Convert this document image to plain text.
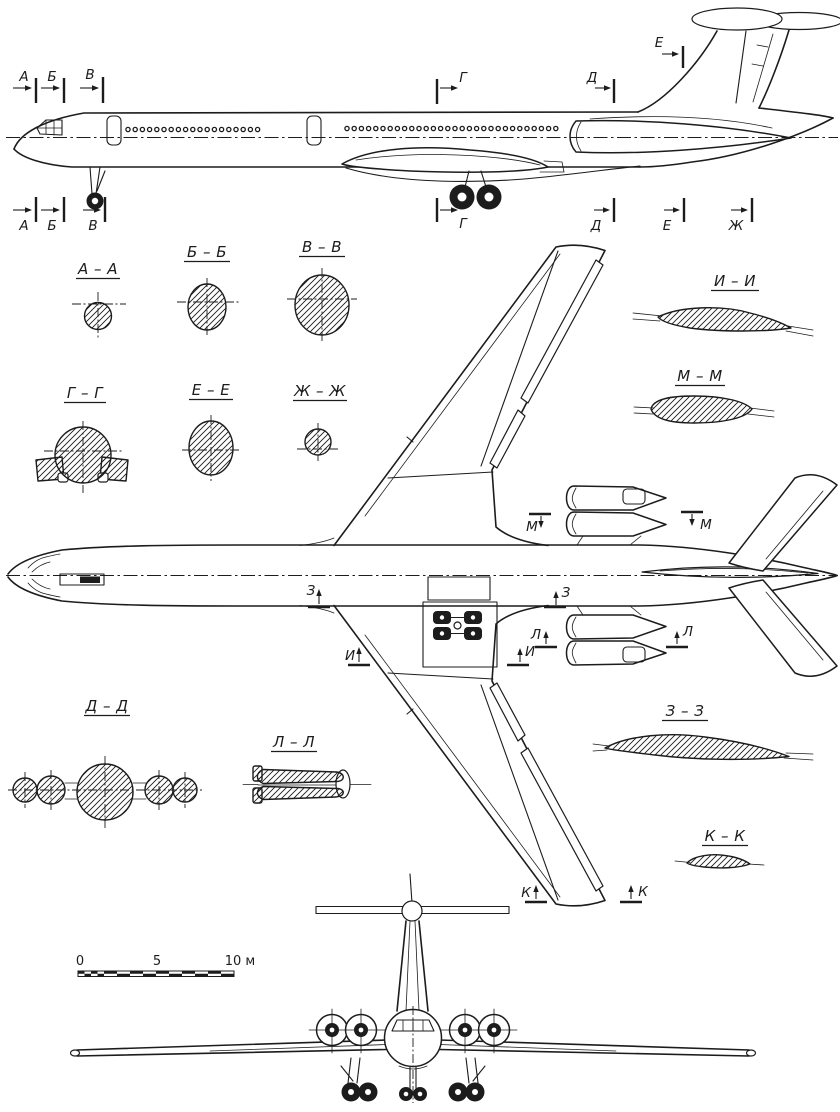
А – А
Б – Б	В – В
Г – Г	Е – Е	Ж – Ж
И – И
М – М
Д – Д
Л – Л
З – З
К – К
А Б В	Г	Д
Е
А Б В	Г	Д	Е	Ж
З	З
И	И
М	М
Л	Л
К	К
0	5	10 м
